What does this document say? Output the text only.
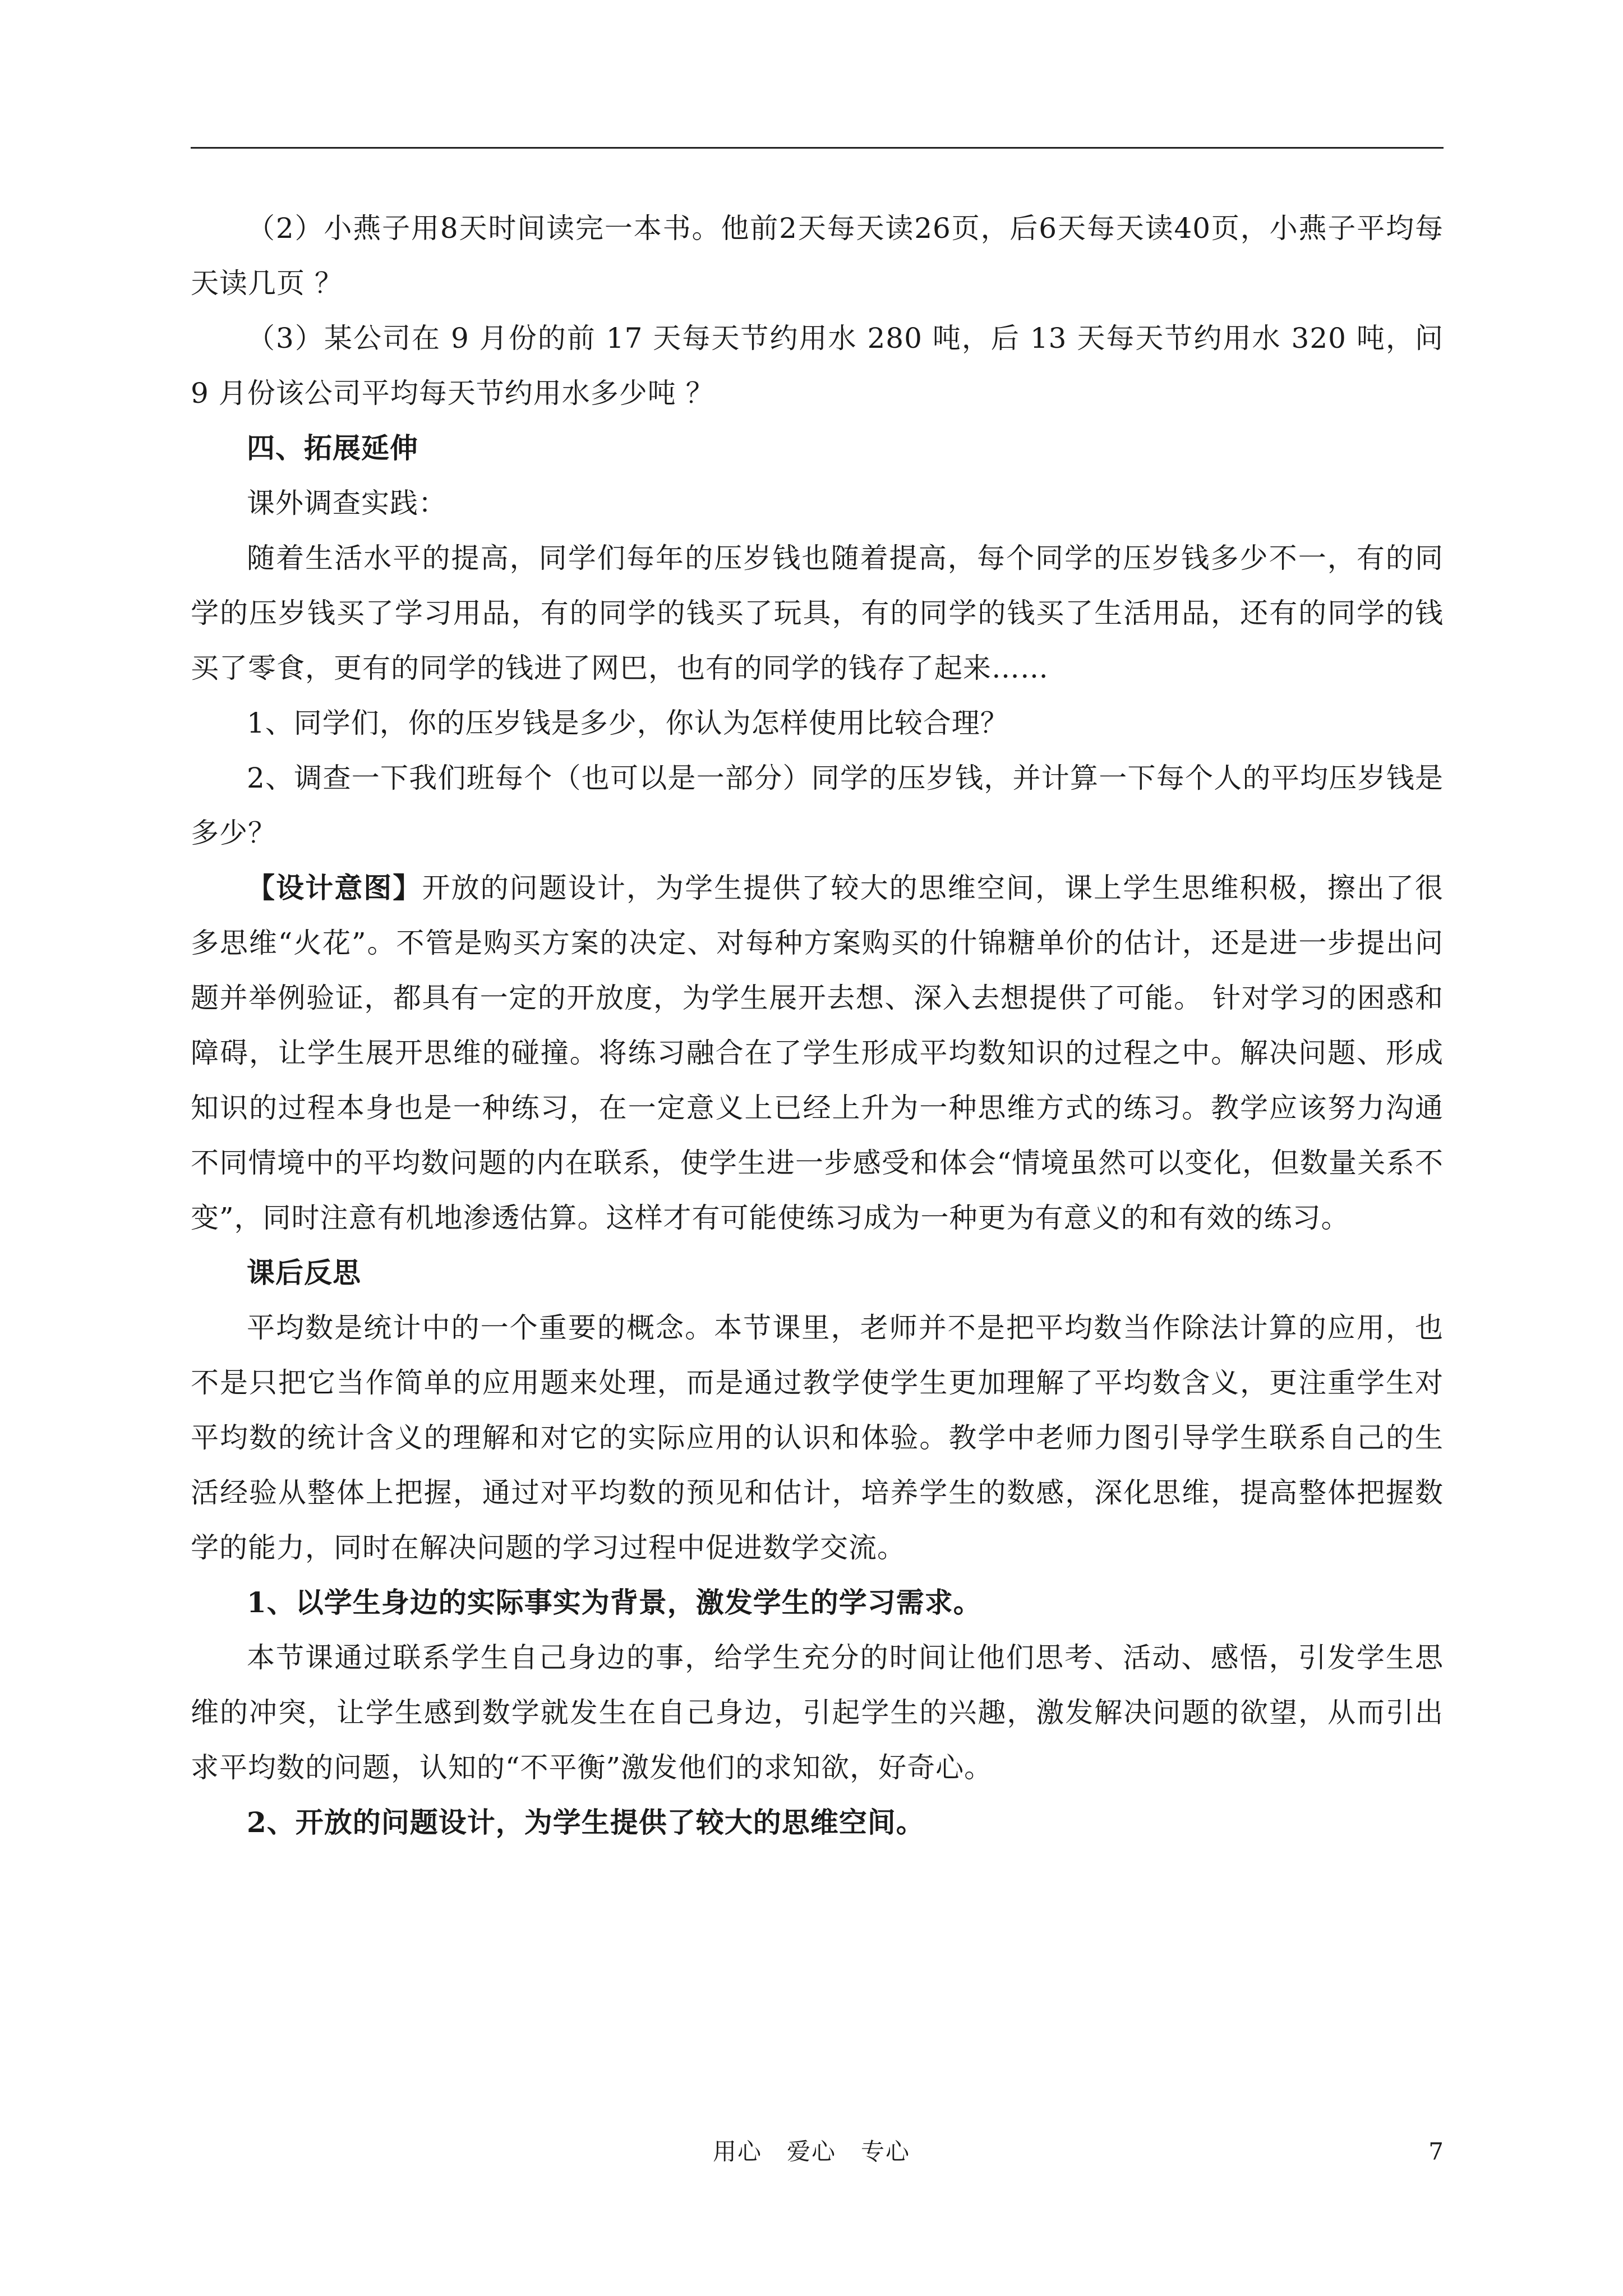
（2）小燕子用8天时间读完一本书。他前2天每天读26页，后6天每天读40页，小燕子平均每天读几页 ？

（3）某公司在 9 月份的前 17 天每天节约用水 280 吨，后 13 天每天节约用水 320 吨，问 9 月份该公司平均每天节约用水多少吨 ？

四、拓展延伸

课外调查实践：

随着生活水平的提高，同学们每年的压岁钱也随着提高，每个同学的压岁钱多少不一，有的同学的压岁钱买了学习用品，有的同学的钱买了玩具，有的同学的钱买了生活用品，还有的同学的钱买了零食，更有的同学的钱进了网巴，也有的同学的钱存了起来……

1、同学们，你的压岁钱是多少，你认为怎样使用比较合理？

2、调查一下我们班每个（也可以是一部分）同学的压岁钱，并计算一下每个人的平均压岁钱是多少？

【设计意图】开放的问题设计，为学生提供了较大的思维空间，课上学生思维积极，擦出了很多思维“火花”。不管是购买方案的决定、对每种方案购买的什锦糖单价的估计，还是进一步提出问题并举例验证，都具有一定的开放度，为学生展开去想、深入去想提供了可能。 针对学习的困惑和障碍，让学生展开思维的碰撞。将练习融合在了学生形成平均数知识的过程之中。解决问题、形成知识的过程本身也是一种练习，在一定意义上已经上升为一种思维方式的练习。教学应该努力沟通不同情境中的平均数问题的内在联系，使学生进一步感受和体会“情境虽然可以变化，但数量关系不变”，同时注意有机地渗透估算。这样才有可能使练习成为一种更为有意义的和有效的练习。

课后反思

平均数是统计中的一个重要的概念。本节课里，老师并不是把平均数当作除法计算的应用，也不是只把它当作简单的应用题来处理，而是通过教学使学生更加理解了平均数含义，更注重学生对平均数的统计含义的理解和对它的实际应用的认识和体验。教学中老师力图引导学生联系自己的生活经验从整体上把握，通过对平均数的预见和估计，培养学生的数感，深化思维，提高整体把握数学的能力，同时在解决问题的学习过程中促进数学交流。

1、以学生身边的实际事实为背景，激发学生的学习需求。

本节课通过联系学生自己身边的事，给学生充分的时间让他们思考、活动、感悟，引发学生思维的冲突，让学生感到数学就发生在自己身边，引起学生的兴趣，激发解决问题的欲望，从而引出求平均数的问题，认知的“不平衡”激发他们的求知欲，好奇心。

2、开放的问题设计，为学生提供了较大的思维空间。

用心　爱心　专心	7
